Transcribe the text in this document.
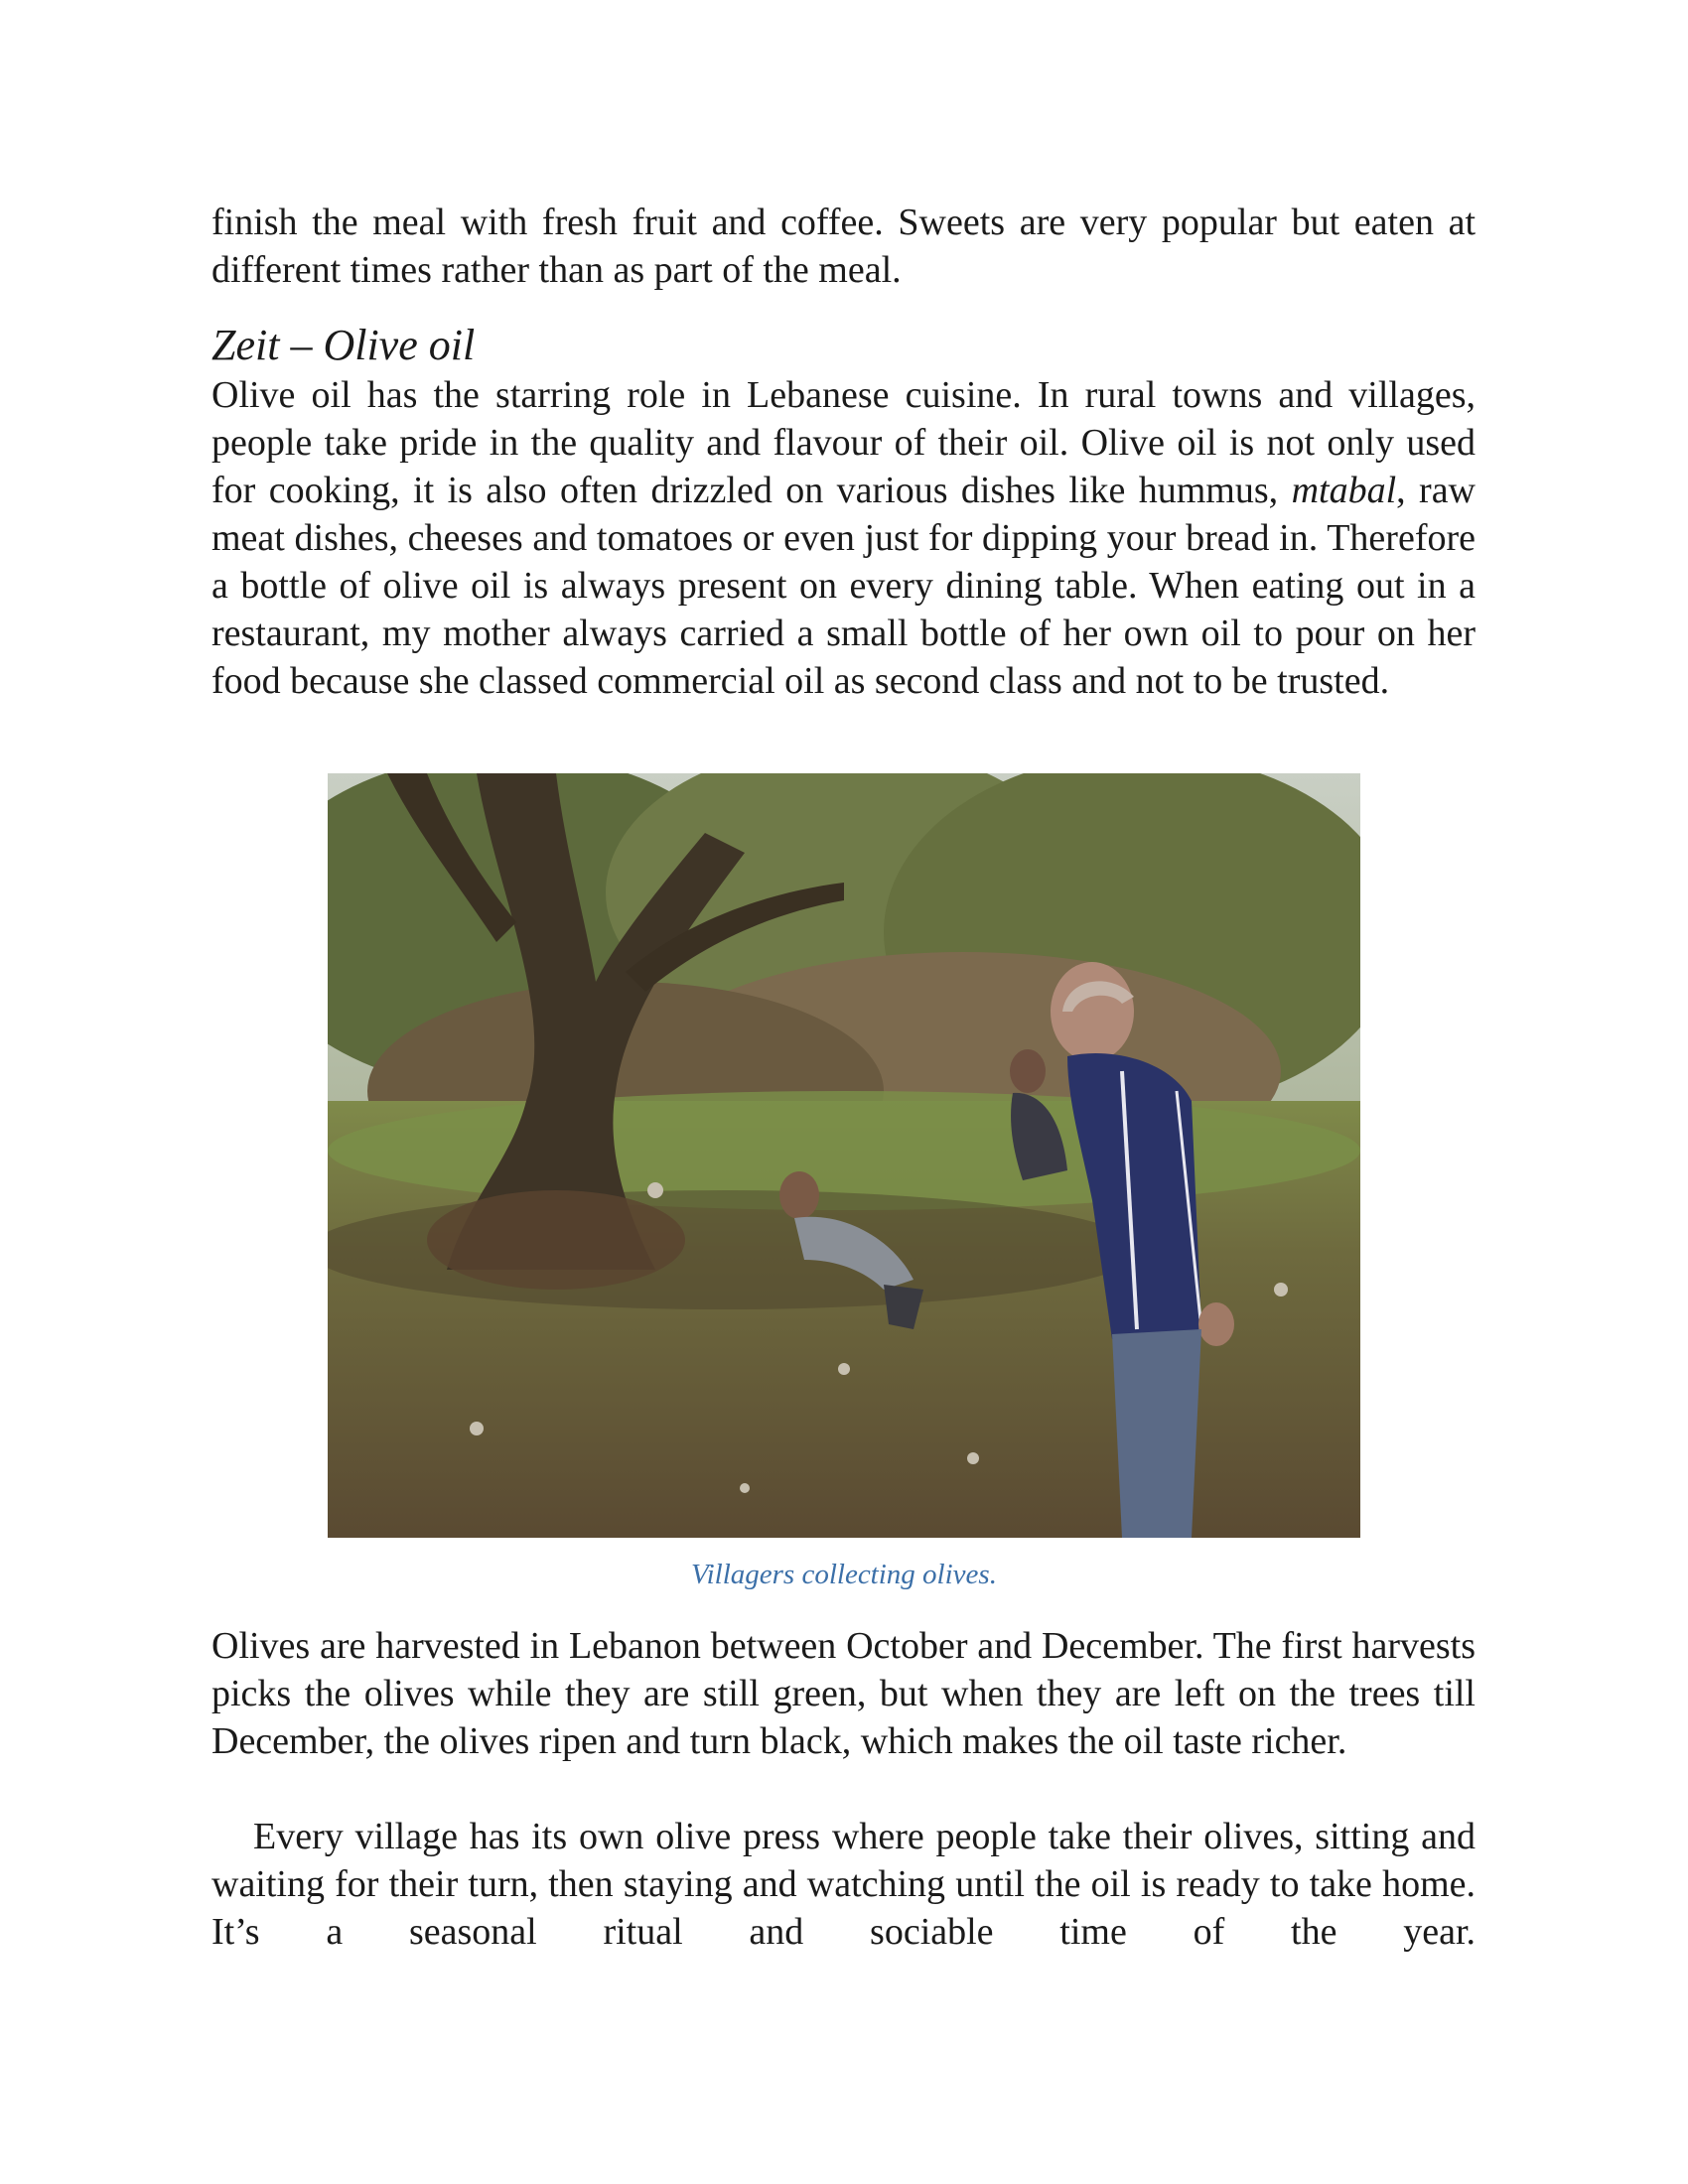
finish the meal with fresh fruit and coffee. Sweets are very popular but eaten at different times rather than as part of the meal.

Zeit – Olive oil

Olive oil has the starring role in Lebanese cuisine. In rural towns and villages, people take pride in the quality and flavour of their oil. Olive oil is not only used for cooking, it is also often drizzled on various dishes like hummus, mtabal, raw meat dishes, cheeses and tomatoes or even just for dipping your bread in. Therefore a bottle of olive oil is always present on every dining table. When eating out in a restaurant, my mother always carried a small bottle of her own oil to pour on her food because she classed commercial oil as second class and not to be trusted.

Villagers collecting olives.

Olives are harvested in Lebanon between October and December. The first harvests picks the olives while they are still green, but when they are left on the trees till December, the olives ripen and turn black, which makes the oil taste richer.

Every village has its own olive press where people take their olives, sitting and waiting for their turn, then staying and watching until the oil is ready to take home. It’s a seasonal ritual and sociable time of the year.
